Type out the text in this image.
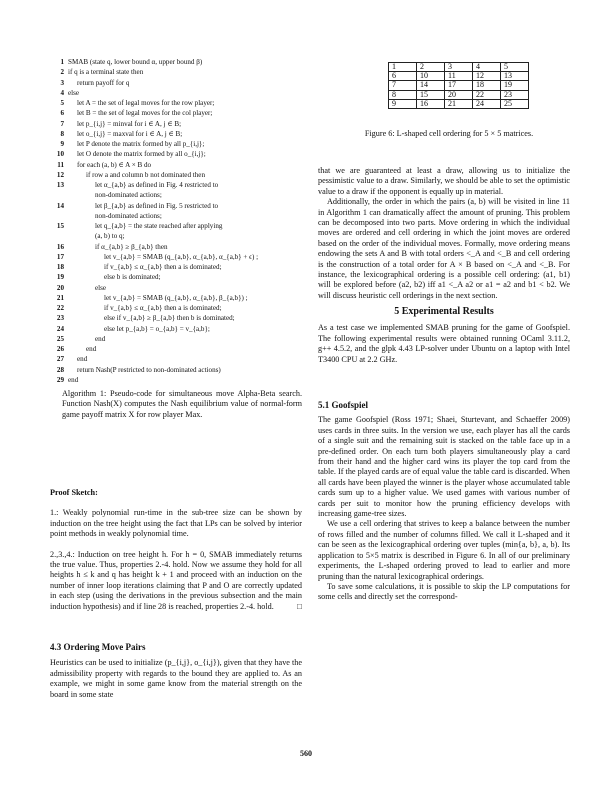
1 SMAB (state q, lower bound α, upper bound β)
2 if q is a terminal state then
3 return payoff for q
4 else
5 let A = the set of legal moves for the row player;
6 let B = the set of legal moves for the col player;
7 let p_{i,j} = minval for i ∈ A, j ∈ B;
8 let o_{i,j} = maxval for i ∈ A, j ∈ B;
9 let P denote the matrix formed by all p_{i,j};
10 let O denote the matrix formed by all o_{i,j};
11 for each (a, b) ∈ A × B do
12	if row a and column b not dominated then
13	let α_{a,b} as defined in Fig. 4 restricted to
non-dominated actions;
14	let β_{a,b} as defined in Fig. 5 restricted to
non-dominated actions;
15	let q_{a,b} = the state reached after applying
(a, b) to q;
16	if α_{a,b} ≥ β_{a,b} then
17	let v_{a,b} = SMAB (q_{a,b}, α_{a,b}, α_{a,b} + ϵ) ;
18	if v_{a,b} ≤ α_{a,b} then a is dominated;
19	else b is dominated;
20	else
21	let v_{a,b} = SMAB (q_{a,b}, α_{a,b}, β_{a,b}) ;
22	if v_{a,b} ≤ α_{a,b} then a is dominated;
23	else if v_{a,b} ≥ β_{a,b} then b is dominated;
24	else let p_{a,b} = o_{a,b} = v_{a,b};
25	end
26	end
27 end
28 return Nash(P restricted to non-dominated actions)
29 end
Algorithm 1: Pseudo-code for simultaneous move Alpha-Beta search. Function Nash(X) computes the Nash equilibrium value of normal-form game payoff matrix X for row player Max.

Proof Sketch:

1.: Weakly polynomial run-time in the sub-tree size can be shown by induction on the tree height using the fact that LPs can be solved by interior point methods in weakly polynomial time.

2.,3.,4.: Induction on tree height h. For h = 0, SMAB immediately returns the true value. Thus, properties 2.-4. hold. Now we assume they hold for all heights h ≤ k and q has height k + 1 and proceed with an induction on the number of inner loop iterations claiming that P and O are correctly updated in each step (using the derivations in the previous subsection and the main induction hypothesis) and if line 28 is reached, properties 2.-4. hold.	□

4.3 Ordering Move Pairs

Heuristics can be used to initialize (p_{i,j}, o_{i,j}), given that they have the admissibility property with regards to the bound they are applied to. As an example, we might in some game know from the material strength on the board in some state

1	2	3	4	5
6	10	11	12	13
7	14	17	18	19
8	15	20	22	23
9	16	21	24	25
Figure 6: L-shaped cell ordering for 5 × 5 matrices.

that we are guaranteed at least a draw, allowing us to initialize the pessimistic value to a draw. Similarly, we should be able to set the optimistic value to a draw if the opponent is equally up in material.

Additionally, the order in which the pairs (a, b) will be visited in line 11 in Algorithm 1 can dramatically affect the amount of pruning. This problem can be decomposed into two parts. Move ordering in which the individual moves are ordered and cell ordering in which the joint moves are ordered based on the order of the individual moves. Formally, move ordering means endowing the sets A and B with total orders <_A and <_B and cell ordering is the construction of a total order for A × B based on <_A and <_B. For instance, the lexicographical ordering is a possible cell ordering: (a1, b1) will be explored before (a2, b2) iff a1 <_A a2 or a1 = a2 and b1 < b2. We will discuss heuristic cell orderings in the next section.

5 Experimental Results

As a test case we implemented SMAB pruning for the game of Goofspiel. The following experimental results were obtained running OCaml 3.11.2, g++ 4.5.2, and the glpk 4.43 LP-solver under Ubuntu on a laptop with Intel T3400 CPU at 2.2 GHz.

5.1 Goofspiel

The game Goofspiel (Ross 1971; Shaei, Sturtevant, and Schaeffer 2009) uses cards in three suits. In the version we use, each player has all the cards of a single suit and the remaining suit is stacked on the table face up in a pre-defined order. On each turn both players simultaneously play a card from their hand and the higher card wins its player the top card from the table. If the played cards are of equal value the table card is discarded. When all cards have been played the winner is the player whose accumulated table cards sum up to a higher value. We used games with various number of cards per suit to monitor how the pruning efficiency develops with increasing game-tree sizes.

We use a cell ordering that strives to keep a balance between the number of rows filled and the number of columns filled. We call it L-shaped and it can be seen as the lexicographical ordering over tuples (min{a, b}, a, b). Its application to 5×5 matrix is described in Figure 6. In all of our preliminary experiments, the L-shaped ordering proved to lead to earlier and more pruning than the natural lexicographical orderings.

To save some calculations, it is possible to skip the LP computations for some cells and directly set the correspond-

560
